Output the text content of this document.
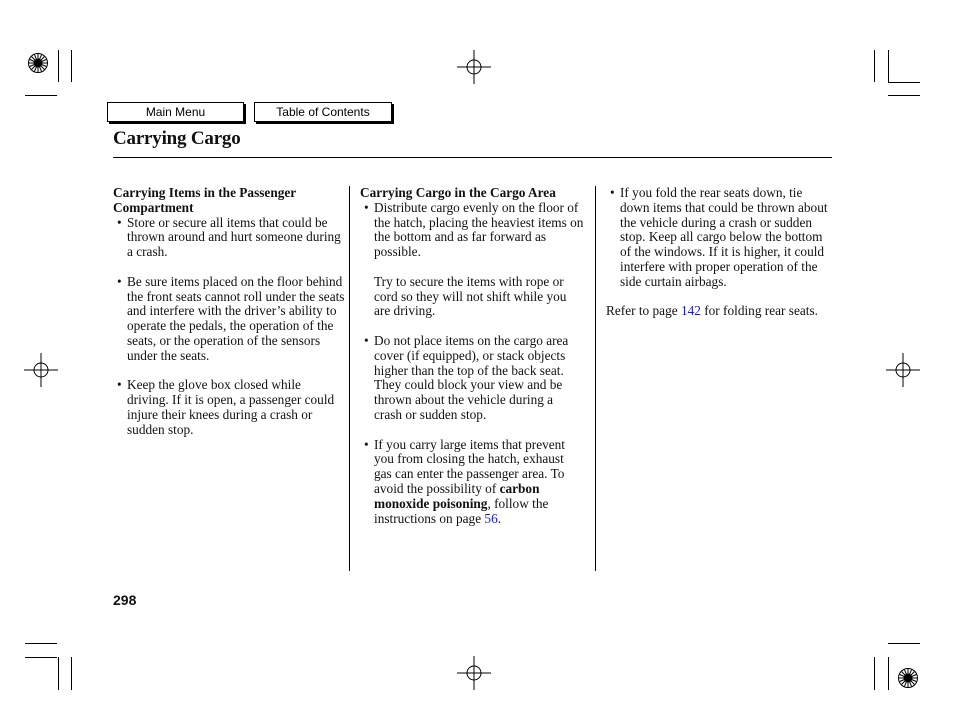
Main Menu	Table of Contents
Carrying Cargo
Carrying Items in the Passenger Compartment
• Store or secure all items that could be thrown around and hurt someone during a crash.
• Be sure items placed on the floor behind the front seats cannot roll under the seats and interfere with the driver’s ability to operate the pedals, the operation of the seats, or the operation of the sensors under the seats.
• Keep the glove box closed while driving. If it is open, a passenger could injure their knees during a crash or sudden stop.
Carrying Cargo in the Cargo Area
• Distribute cargo evenly on the floor of the hatch, placing the heaviest items on the bottom and as far forward as possible.
Try to secure the items with rope or cord so they will not shift while you are driving.
• Do not place items on the cargo area cover (if equipped), or stack objects higher than the top of the back seat. They could block your view and be thrown about the vehicle during a crash or sudden stop.
• If you carry large items that prevent you from closing the hatch, exhaust gas can enter the passenger area. To avoid the possibility of carbon monoxide poisoning, follow the instructions on page 56.
• If you fold the rear seats down, tie down items that could be thrown about the vehicle during a crash or sudden stop. Keep all cargo below the bottom of the windows. If it is higher, it could interfere with proper operation of the side curtain airbags.
Refer to page 142 for folding rear seats.
298
